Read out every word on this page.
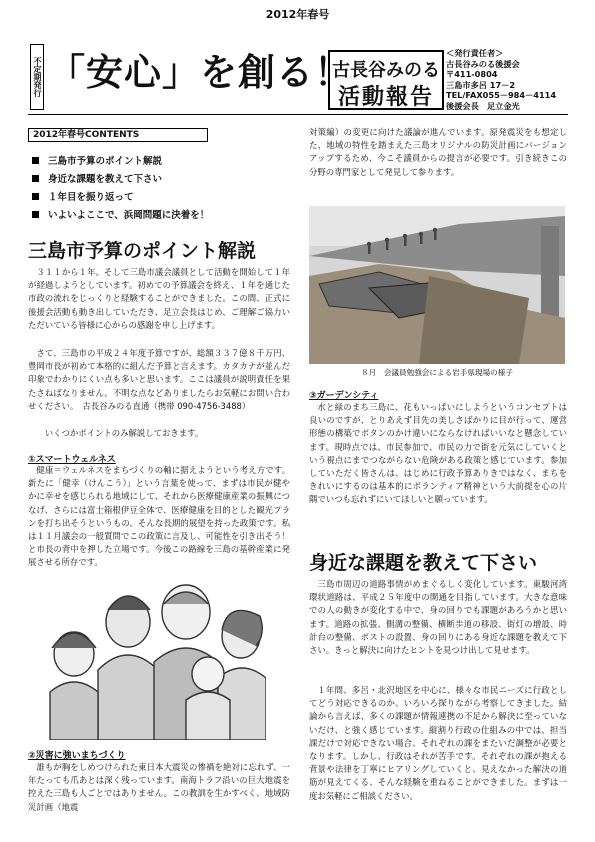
2012年春号
不定期発行 「安心」を創る！
古長谷みのる
活動報告
＜発行責任者＞
古長谷みのる後援会
〒411-0804
三島市多呂 17－2
TEL/FAX055－984－4114
後援会長　足立金光
2012年春号CONTENTS
三島市予算のポイント解説
身近な課題を教えて下さい
１年目を振り返って
いよいよここで、浜岡問題に決着を！
三島市予算のポイント解説
３１１から１年。そして三島市議会議員として活動を開始して１年が経過しようとしています。初めての予算議会を終え、１年を通じた市政の流れをじっくりと経験することができました。この間、正式に後援会活動も動き出していただき、足立会長はじめ、ご理解ご協力いただいている皆様に心からの感謝を申し上げます。
さて、三島市の平成２４年度予算ですが、総額３３７億８千万円、豊岡市長が初めて本格的に組んだ予算と言えます。カタカナが並んだ印象でわかりにくい点も多いと思います。ここは議員が説明責任を果たさねばなりません。不明な点などありましたらお気軽にお問い合わせください。　古長谷みのる直通（携帯 090-4756-3488）
いくつかポイントのみ解説しておきます。
①スマートウェルネス
健康＝ウェルネスをまちづくりの軸に据えようという考え方です。新たに「健幸（けんこう）」という言葉を使って、まずは市民が健やかに幸せを感じられる地域にして、それから医療健康産業の振興につなげ、さらには富士箱根伊豆全体で、医療健康を目的とした観光プランを打ち出そうというもの。そんな長期的展望を持った政策です。私は１１月議会の一般質問でこの政策に言及し、可能性を引き出そう！と市長の背中を押した立場です。今後この路線を三島の基幹産業に発展させる所存です。
②災害に強いまちづくり
誰もが胸をしめつけられた東日本大震災の惨禍を絶対に忘れず、一年たっても爪あとは深く残っています。南海トラフ沿いの巨大地震を控えた三島も人ごとではありません。この教訓を生かすべく、地域防災計画（地震
対策編）の変更に向けた議論が進んでいます。原発震災をも想定した、地域の特性を踏まえた三島オリジナルの防災計画にバージョンアップするため、今こそ議員からの提言が必要です。引き続きこの分野の専門家として発見して参ります。
８月　会議員勉強会による岩手県現場の様子
③ガーデンシティ
水と緑のまち三島に、花もいっぱいにしようというコンセプトは良いのですが、とりあえず目先の美しさばかりに目が行って、運営形態の構築でボタンのかけ違いにならなければいいなと懸念しています。現時点では、市民参加で、市民の力で街を元気にしていくという視点にまでつながらない危険がある政策と感じています。参加していただく皆さんは、はじめに行政予算ありきではなく、まちをきれいにするのは基本的にボランティア精神という大前提を心の片隅でいつも忘れずにいてほしいと願っています。
身近な課題を教えて下さい
三島市周辺の道路事情がめまぐるしく変化しています。東駿河湾環状道路は、平成２５年度中の開通を目指しています。大きな意味での人の動きが変化する中で、身の回りでも課題があろうかと思います。道路の拡張、側溝の整備、横断歩道の移設、街灯の増設、時計台の整備、ポストの設置、身の回りにある身近な課題を教えて下さい。きっと解決に向けたヒントを見つけ出して見せます。
１年間、多呂・北沢地区を中心に、様々な市民ニーズに行政としてどう対応できるのか、いろいろ探りながら考察してきました。結論から言えば、多くの課題が情報連携の不足から解決に至っていないだけ、と強く感じています。縦割り行政の仕組みの中では、担当課だけで対応できない場合、それぞれの課をまたいだ調整が必要となります。しかし、行政はそれが苦手です。それぞれの課が抱える背景や法律を丁寧にヒアリングしていくと、見えなかった解決の道筋が見えてくる、そんな経験を重ねることができました。まずは一度お気軽にご相談ください。
